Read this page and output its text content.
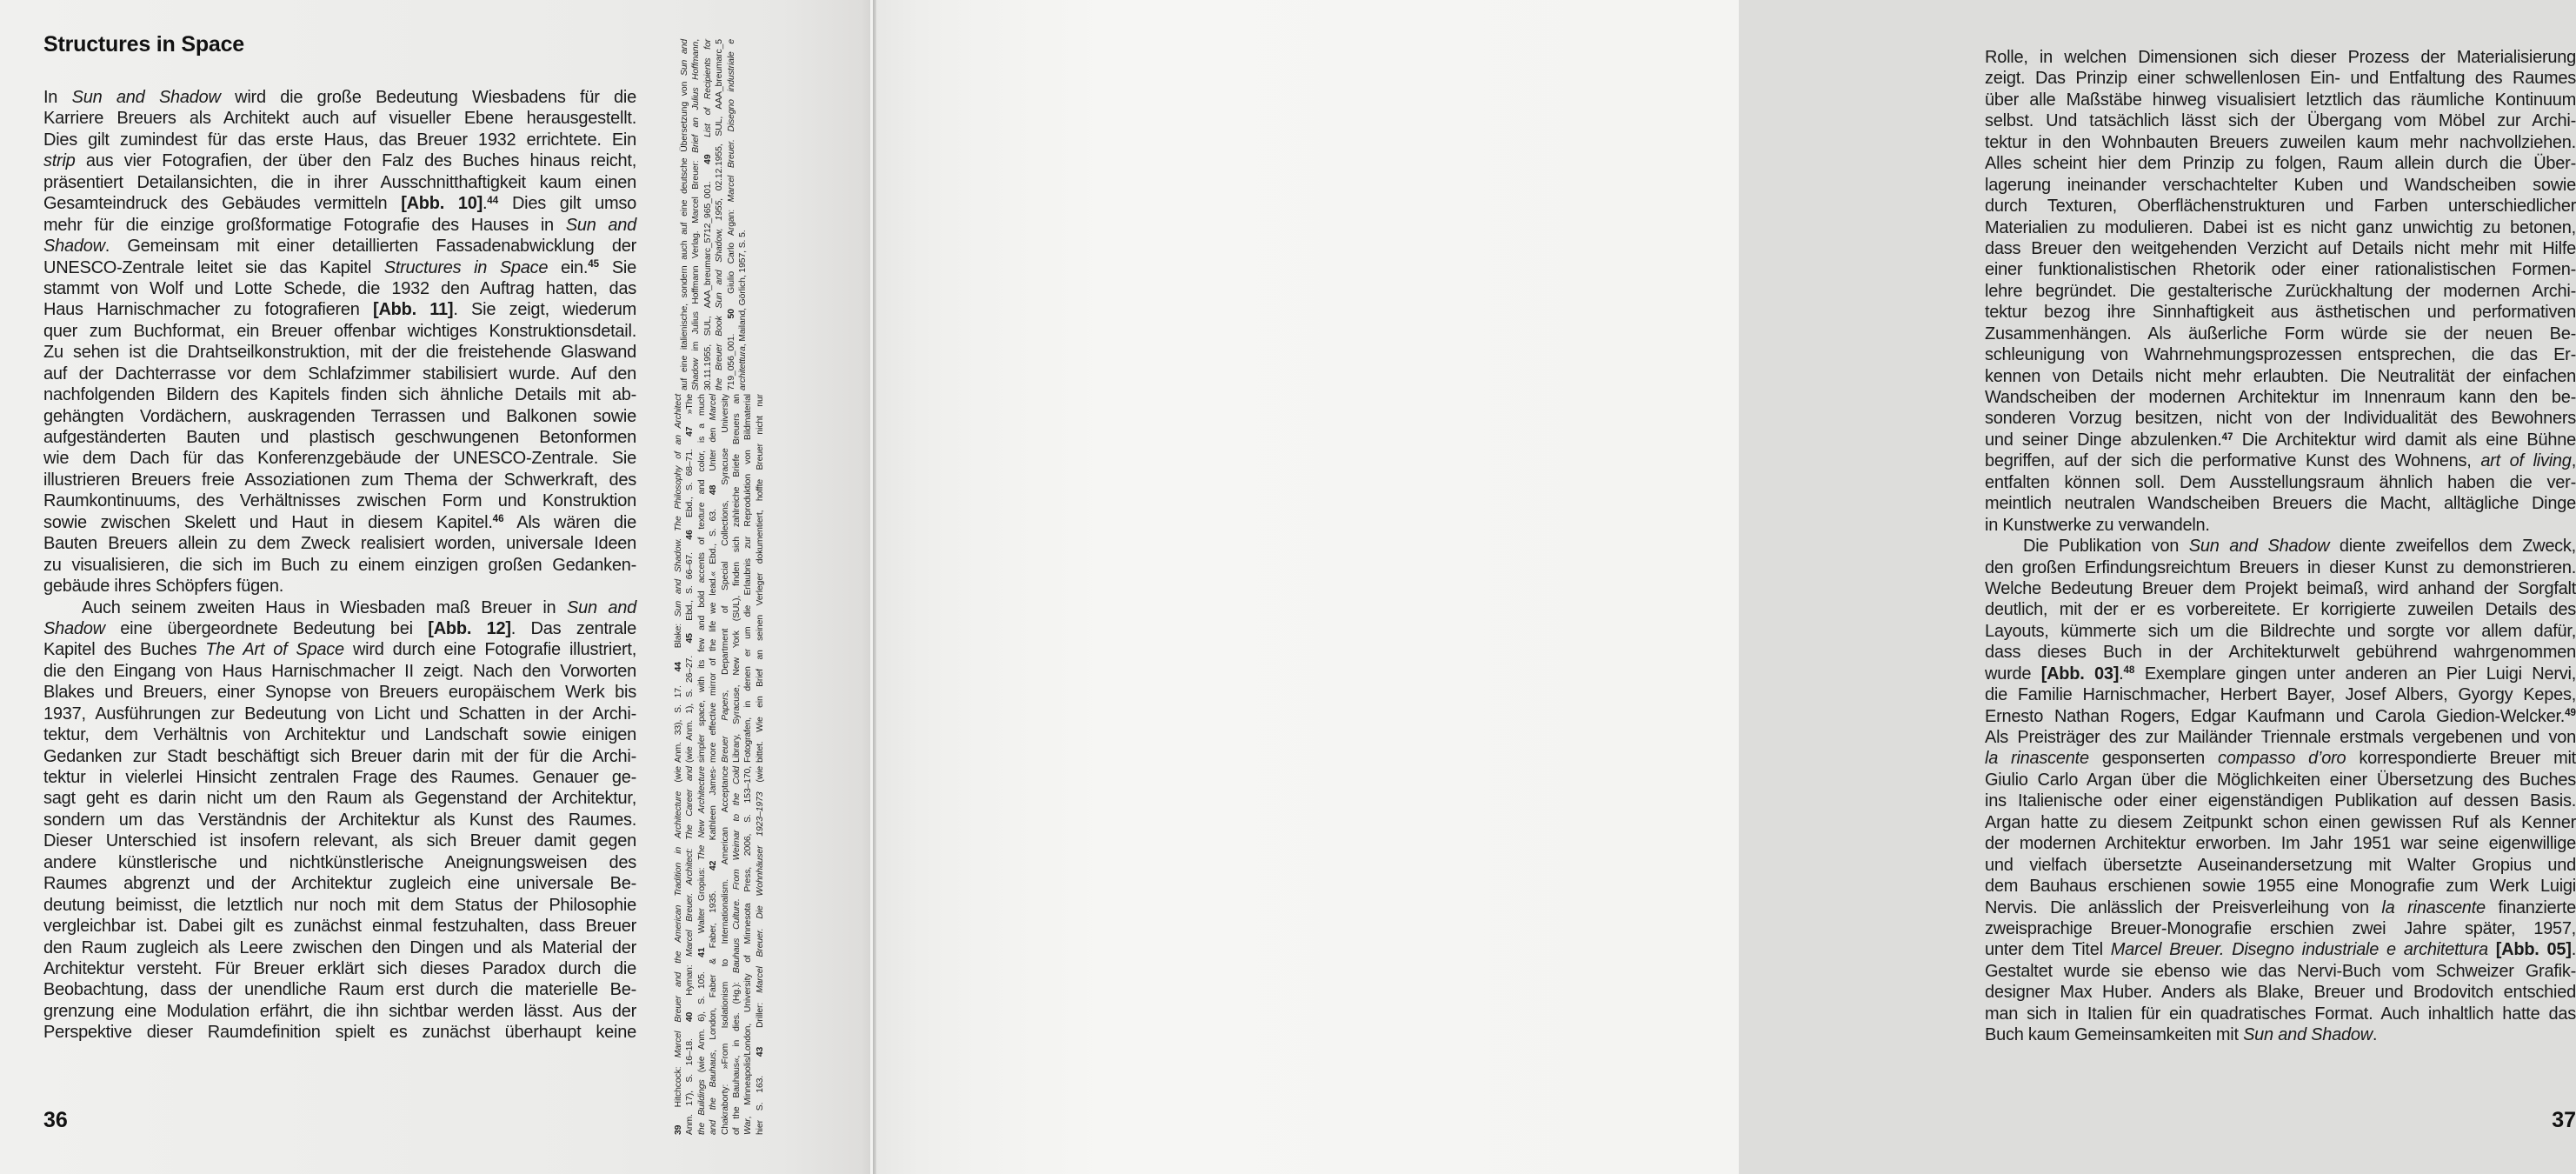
Structures in Space
In Sun and Shadow wird die große Bedeutung Wiesbadens für die
Karriere Breuers als Architekt auch auf visueller Ebene herausgestellt.
Dies gilt zumindest für das erste Haus, das Breuer 1932 errichtete. Ein
strip aus vier Fotografien, der über den Falz des Buches hinaus reicht,
präsentiert Detailansichten, die in ihrer Ausschnitthaftigkeit kaum einen
Gesamteindruck des Gebäudes vermitteln [Abb. 10].$^{44}$ Dies gilt umso
mehr für die einzige großformatige Fotografie des Hauses in Sun and
Shadow. Gemeinsam mit einer detaillierten Fassadenabwicklung der
UNESCO-Zentrale leitet sie das Kapitel Structures in Space ein.$^{45}$ Sie
stammt von Wolf und Lotte Schede, die 1932 den Auftrag hatten, das
Haus Harnischmacher zu fotografieren [Abb. 11]. Sie zeigt, wiederum
quer zum Buchformat, ein Breuer offenbar wichtiges Konstruktionsdetail.
Zu sehen ist die Drahtseilkonstruktion, mit der die freistehende Glaswand
auf der Dachterrasse vor dem Schlafzimmer stabilisiert wurde. Auf den
nachfolgenden Bildern des Kapitels finden sich ähnliche Details mit ab-
gehängten Vordächern, auskragenden Terrassen und Balkonen sowie
aufgeständerten Bauten und plastisch geschwungenen Betonformen
wie dem Dach für das Konferenzgebäude der UNESCO-Zentrale. Sie
illustrieren Breuers freie Assoziationen zum Thema der Schwerkraft, des
Raumkontinuums, des Verhältnisses zwischen Form und Konstruktion
sowie zwischen Skelett und Haut in diesem Kapitel.$^{46}$ Als wären die
Bauten Breuers allein zu dem Zweck realisiert worden, universale Ideen
zu visualisieren, die sich im Buch zu einem einzigen großen Gedanken-
gebäude ihres Schöpfers fügen.
Auch seinem zweiten Haus in Wiesbaden maß Breuer in Sun and
Shadow eine übergeordnete Bedeutung bei [Abb. 12]. Das zentrale
Kapitel des Buches The Art of Space wird durch eine Fotografie illustriert,
die den Eingang von Haus Harnischmacher II zeigt. Nach den Vorworten
Blakes und Breuers, einer Synopse von Breuers europäischem Werk bis
1937, Ausführungen zur Bedeutung von Licht und Schatten in der Archi-
tektur, dem Verhältnis von Architektur und Landschaft sowie einigen
Gedanken zur Stadt beschäftigt sich Breuer darin mit der für die Archi-
tektur in vielerlei Hinsicht zentralen Frage des Raumes. Genauer ge-
sagt geht es darin nicht um den Raum als Gegenstand der Architektur,
sondern um das Verständnis der Architektur als Kunst des Raumes.
Dieser Unterschied ist insofern relevant, als sich Breuer damit gegen
andere künstlerische und nichtkünstlerische Aneignungsweisen des
Raumes abgrenzt und der Architektur zugleich eine universale Be-
deutung beimisst, die letztlich nur noch mit dem Status der Philosophie
vergleichbar ist. Dabei gilt es zunächst einmal festzuhalten, dass Breuer
den Raum zugleich als Leere zwischen den Dingen und als Material der
Architektur versteht. Für Breuer erklärt sich dieses Paradox durch die
Beobachtung, dass der unendliche Raum erst durch die materielle Be-
grenzung eine Modulation erfährt, die ihn sichtbar werden lässt. Aus der
Perspektive dieser Raumdefinition spielt es zunächst überhaupt keine
36
Rolle, in welchen Dimensionen sich dieser Prozess der Materialisierung
zeigt. Das Prinzip einer schwellenlosen Ein- und Entfaltung des Raumes
über alle Maßstäbe hinweg visualisiert letztlich das räumliche Kontinuum
selbst. Und tatsächlich lässt sich der Übergang vom Möbel zur Archi-
tektur in den Wohnbauten Breuers zuweilen kaum mehr nachvollziehen.
Alles scheint hier dem Prinzip zu folgen, Raum allein durch die Über-
lagerung ineinander verschachtelter Kuben und Wandscheiben sowie
durch Texturen, Oberflächenstrukturen und Farben unterschiedlicher
Materialien zu modulieren. Dabei ist es nicht ganz unwichtig zu betonen,
dass Breuer den weitgehenden Verzicht auf Details nicht mehr mit Hilfe
einer funktionalistischen Rhetorik oder einer rationalistischen Formen-
lehre begründet. Die gestalterische Zurückhaltung der modernen Archi-
tektur bezog ihre Sinnhaftigkeit aus ästhetischen und performativen
Zusammenhängen. Als äußerliche Form würde sie der neuen Be-
schleunigung von Wahrnehmungsprozessen entsprechen, die das Er-
kennen von Details nicht mehr erlaubten. Die Neutralität der einfachen
Wandscheiben der modernen Architektur im Innenraum kann den be-
sonderen Vorzug besitzen, nicht von der Individualität des Bewohners
und seiner Dinge abzulenken.$^{47}$ Die Architektur wird damit als eine Bühne
begriffen, auf der sich die performative Kunst des Wohnens, art of living,
entfalten können soll. Dem Ausstellungsraum ähnlich haben die ver-
meintlich neutralen Wandscheiben Breuers die Macht, alltägliche Dinge
in Kunstwerke zu verwandeln.
Die Publikation von Sun and Shadow diente zweifellos dem Zweck,
den großen Erfindungsreichtum Breuers in dieser Kunst zu demonstrieren.
Welche Bedeutung Breuer dem Projekt beimaß, wird anhand der Sorgfalt
deutlich, mit der er es vorbereitete. Er korrigierte zuweilen Details des
Layouts, kümmerte sich um die Bildrechte und sorgte vor allem dafür,
dass dieses Buch in der Architekturwelt gebührend wahrgenommen
wurde [Abb. 03].$^{48}$ Exemplare gingen unter anderen an Pier Luigi Nervi,
die Familie Harnischmacher, Herbert Bayer, Josef Albers, Gyorgy Kepes,
Ernesto Nathan Rogers, Edgar Kaufmann und Carola Giedion-Welcker.$^{49}$
Als Preisträger des zur Mailänder Triennale erstmals vergebenen und von
la rinascente gesponserten compasso d’oro korrespondierte Breuer mit
Giulio Carlo Argan über die Möglichkeiten einer Übersetzung des Buches
ins Italienische oder einer eigenständigen Publikation auf dessen Basis.
Argan hatte zu diesem Zeitpunkt schon einen gewissen Ruf als Kenner
der modernen Architektur erworben. Im Jahr 1951 war seine eigenwillige
und vielfach übersetzte Auseinandersetzung mit Walter Gropius und
dem Bauhaus erschienen sowie 1955 eine Monografie zum Werk Luigi
Nervis. Die anlässlich der Preisverleihung von la rinascente finanzierte
zweisprachige Breuer-Monografie erschien zwei Jahre später, 1957,
unter dem Titel Marcel Breuer. Disegno industriale e architettura [Abb. 05].
Gestaltet wurde sie ebenso wie das Nervi-Buch vom Schweizer Grafik-
designer Max Huber. Anders als Blake, Breuer und Brodovitch entschied
man sich in Italien für ein quadratisches Format. Auch inhaltlich hatte das
Buch kaum Gemeinsamkeiten mit Sun and Shadow.
37
39  Hitchcock: Marcel Breuer and the American Tradition in Architecture (wie
Anm. 17), S. 16–18.  40  Hyman: Marcel Breuer. Architect: The Career and
the Buildings (wie Anm. 6), S. 105.  41  Walter Gropius: The New Architecture
and the Bauhaus, London, Faber & Faber, 1935.  42  Kathleen James- Chakraborty: »From Isolationism to Internationalism. American Acceptance of the Bauhaus«, in dies. (Hg.): Bauhaus Culture. From Weimar to the Cold
War, Minneapolis/London, University of Minnesota Press, 2006, S. 153–170, hier S. 163.  43  Driller: Marcel Breuer. Die Wohnhäuser 1923–1973 (wie
Anm. 33), S. 17.  44  Blake: Sun and Shadow. The Philosophy of an Architect
(wie Anm. 1), S. 26–27.  45  Ebd., S. 66–67.  46  Ebd., S. 68–71.  47  »The simpler space, with its few and bold accents of texture and color, is a much more effective mirror of the life we lead.« Ebd., S. 63.  48  Unter den Marcel
Breuer Papers, Department of Special Collections, Syracuse University Library, Syracuse, New York (SUL), finden sich zahlreiche Briefe Breuers an Fotografen, in denen er um die Erlaubnis zur Reproduktion von Bildmaterial bittet. Wie ein Brief an seinen Verleger dokumentiert, hoffte Breuer nicht nur
auf eine italienische, sondern auch auf eine deutsche Übersetzung von Sun and
Shadow im Julius Hoffmann Verlag. Marcel Breuer: Brief an Julius Hoffmann,
30.11.1955, SUL, AAA_breumarc_5712_965_001.  49  List of Recipients for
the Breuer Book Sun and Shadow, 1955, 02.12.1955, SUL, AAA_breumarc_5
719_056_001.  50  Giulio Carlo Argan: Marcel Breuer. Disegno industriale e
architettura, Mailand, Görlich, 1957, S. 5.
